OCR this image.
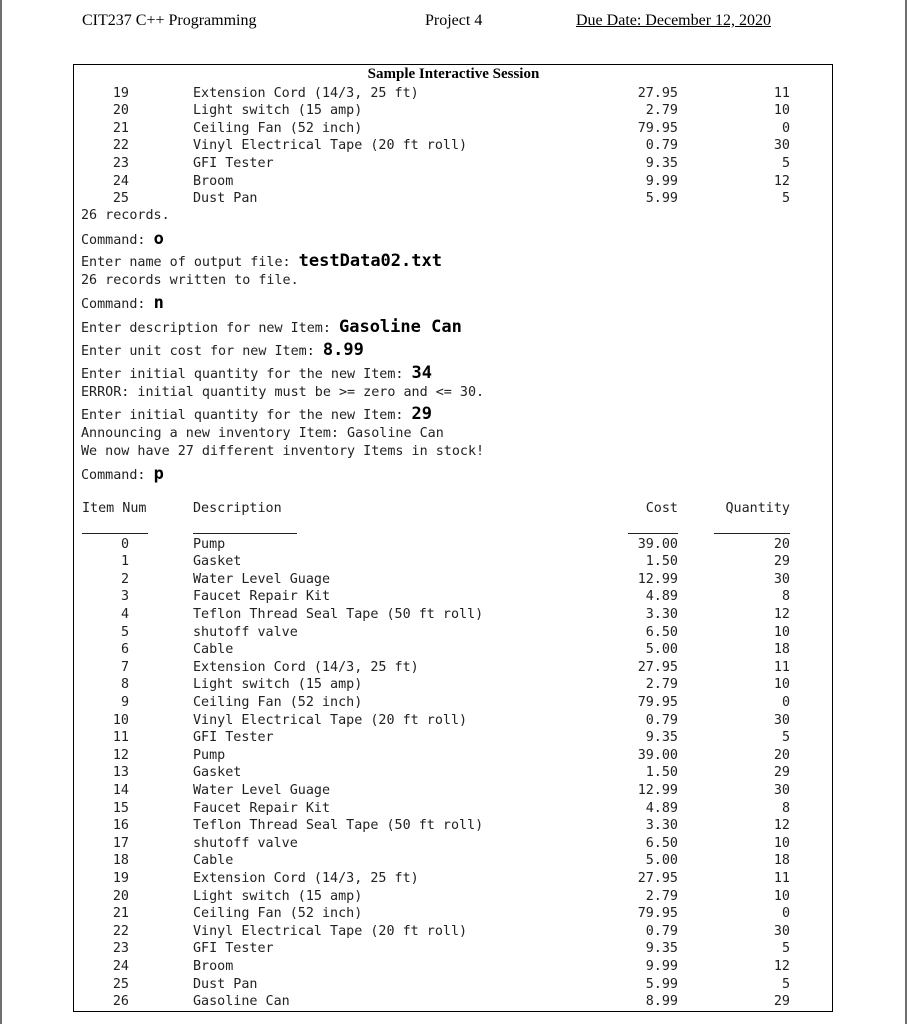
CIT237 C++ Programming	Project 4	Due Date: December 12, 2020
Sample Interactive Session
19	Extension Cord (14/3, 25 ft)	27.95	11
20	Light switch (15 amp)	2.79	10
21	Ceiling Fan (52 inch)	79.95	0
22	Vinyl Electrical Tape (20 ft roll)	0.79	30
23	GFI Tester	9.35	5
24	Broom	9.99	12
25	Dust Pan	5.99	5
26 records.
Command: o
Enter name of output file: testData02.txt
26 records written to file.
Command: n
Enter description for new Item: Gasoline Can
Enter unit cost for new Item: 8.99
Enter initial quantity for the new Item: 34
ERROR: initial quantity must be >= zero and <= 30.
Enter initial quantity for the new Item: 29
Announcing a new inventory Item: Gasoline Can
We now have 27 different inventory Items in stock!
Command: p
Item Num	Description	Cost	Quantity
0	Pump	39.00	20
1	Gasket	1.50	29
2	Water Level Guage	12.99	30
3	Faucet Repair Kit	4.89	8
4	Teflon Thread Seal Tape (50 ft roll)	3.30	12
5	shutoff valve	6.50	10
6	Cable	5.00	18
7	Extension Cord (14/3, 25 ft)	27.95	11
8	Light switch (15 amp)	2.79	10
9	Ceiling Fan (52 inch)	79.95	0
10	Vinyl Electrical Tape (20 ft roll)	0.79	30
11	GFI Tester	9.35	5
12	Pump	39.00	20
13	Gasket	1.50	29
14	Water Level Guage	12.99	30
15	Faucet Repair Kit	4.89	8
16	Teflon Thread Seal Tape (50 ft roll)	3.30	12
17	shutoff valve	6.50	10
18	Cable	5.00	18
19	Extension Cord (14/3, 25 ft)	27.95	11
20	Light switch (15 amp)	2.79	10
21	Ceiling Fan (52 inch)	79.95	0
22	Vinyl Electrical Tape (20 ft roll)	0.79	30
23	GFI Tester	9.35	5
24	Broom	9.99	12
25	Dust Pan	5.99	5
26	Gasoline Can	8.99	29
